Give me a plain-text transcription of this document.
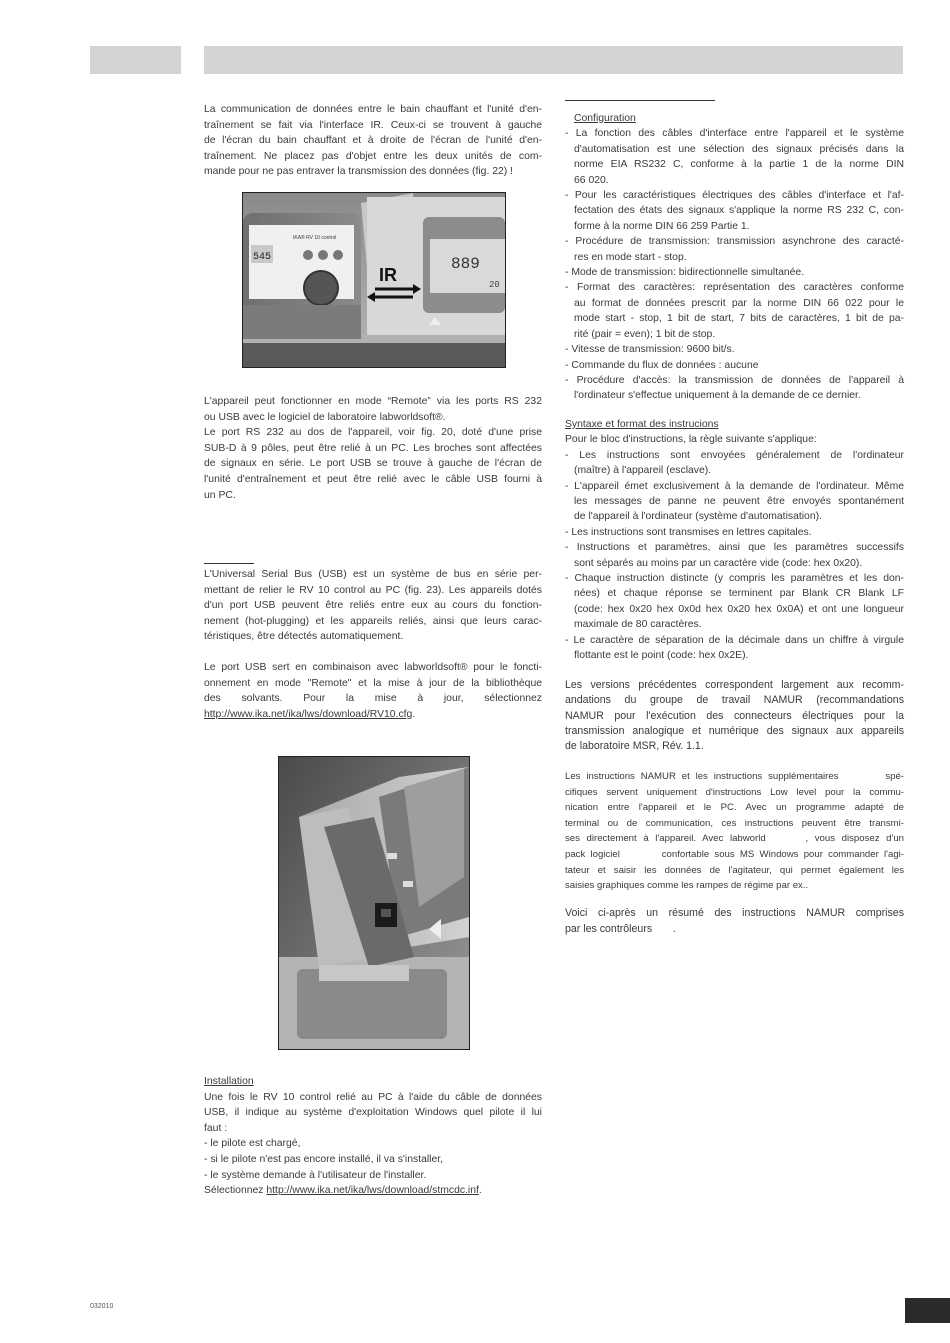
La communication de données entre le bain chauffant et l'unité d'en-
traînement se fait via l'interface IR. Ceux-ci se trouvent à gauche
de l'écran du bain chauffant et à droite de l'écran de l'unité d'en-
traînement. Ne placez pas d'objet entre les deux unités de com-
mande pour ne pas entraver la transmission des données (fig. 22) !
545
IKA® RV 10 control
889
20
IR
L'appareil peut fonctionner en mode “Remote” via les ports RS 232
ou USB avec le logiciel de laboratoire labworldsoft®.
Le port RS 232 au dos de l'appareil, voir fig. 20, doté d'une prise
SUB-D à 9 pôles, peut être relié à un PC. Les broches sont affectées
de signaux en série. Le port USB se trouve à gauche de l'écran de
l'unité d'entraînement et peut être relié avec le câble USB fourni à
un PC.
L'Universal Serial Bus (USB) est un système de bus en série per-
mettant de relier le RV 10 control au PC (fig. 23). Les appareils dotés
d'un port USB peuvent être reliés entre eux au cours du fonction-
nement (hot-plugging) et les appareils reliés, ainsi que leurs carac-
téristiques, être détectés automatiquement.
Le port USB sert en combinaison avec labworldsoft® pour le foncti-
onnement en mode "Remote" et la mise à jour de la bibliothèque
des solvants. Pour la mise à jour, sélectionnez
http://www.ika.net/ika/lws/download/RV10.cfg.
Installation
Une fois le RV 10 control relié au PC à l'aide du câble de données
USB, il indique au système d'exploitation Windows quel pilote il lui
faut :
- le pilote est chargé,
- si le pilote n'est pas encore installé, il va s'installer,
- le système demande à l'utilisateur de l'installer.
Sélectionnez http://www.ika.net/ika/lws/download/stmcdc.inf.
Configuration
- La fonction des câbles d'interface entre l'appareil et le système
d'automatisation est une sélection des signaux précisés dans la
norme EIA RS232 C, conforme à la partie 1 de la norme DIN
66 020.
- Pour les caractéristiques électriques des câbles d'interface et l'af-
fectation des états des signaux s'applique la norme RS 232 C, con-
forme à la norme DIN 66 259 Partie 1.
- Procédure de transmission: transmission asynchrone des caracté-
res en mode start - stop.
- Mode de transmission: bidirectionnelle simultanée.
- Format des caractères: représentation des caractères conforme
au format de données prescrit par la norme DIN 66 022 pour le
mode start - stop, 1 bit de start, 7 bits de caractères, 1 bit de pa-
rité (pair = even); 1 bit de stop.
- Vitesse de transmission: 9600 bit/s.
- Commande du flux de données : aucune
- Procédure d'accès: la transmission de données de l'appareil à
l'ordinateur s'effectue uniquement à la demande de ce dernier.
Syntaxe et format des instrucions
Pour le bloc d'instructions, la règle suivante s'applique:
- Les instructions sont envoyées généralement de l'ordinateur
(maître) à l'appareil (esclave).
- L'appareil émet exclusivement à la demande de l'ordinateur. Même
les messages de panne ne peuvent être envoyés spontanément
de l'appareil à l'ordinateur (système d'automatisation).
- Les instructions sont transmises en lettres capitales.
- Instructions et paramètres, ainsi que les paramètres successifs
sont séparés au moins par un caractère vide (code: hex 0x20).
- Chaque instruction distincte (y compris les paramètres et les don-
nées) et chaque réponse se terminent par Blank CR Blank LF
(code: hex 0x20 hex 0x0d hex 0x20 hex 0x0A) et ont une longueur
maximale de 80 caractères.
- Le caractère de séparation de la décimale dans un chiffre à virgule
flottante est le point (code: hex 0x2E).
Les versions précédentes correspondent largement aux recomm-
andations du groupe de travail NAMUR (recommandations
NAMUR pour l'exécution des connecteurs électriques pour la
transmission analogique et numérique des signaux aux appareils
de laboratoire MSR, Rév. 1.1.
Les instructions NAMUR et les instructions supplémentaires        spé-
cifiques servent uniquement d'instructions Low level pour la commu-
nication entre l'appareil et le PC. Avec un programme adapté de
terminal ou de communication, ces instructions peuvent être transmi-
ses directement à l'appareil. Avec labworld      , vous disposez d'un
pack logiciel        confortable sous MS Windows pour commander l'agi-
tateur et saisir les données de l'agitateur, qui permet également les
saisies graphiques comme les rampes de régime par ex..
Voici ci-après un résumé des instructions NAMUR comprises
par les contrôleurs       .
032010
